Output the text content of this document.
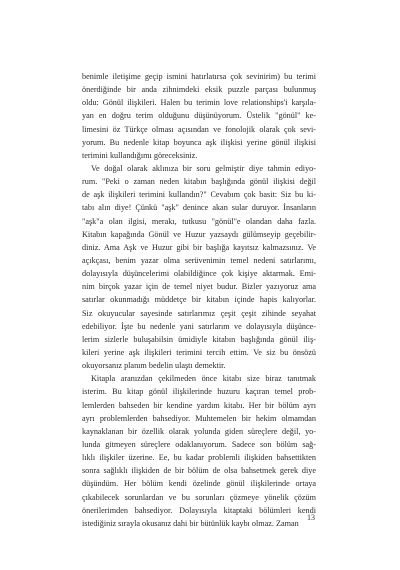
benimle iletişime geçip ismini hatırlatırsa çok sevinirim) bu terimi
önerdiğinde bir anda zihnimdeki eksik puzzle parçası bulunmuş
oldu: Gönül ilişkileri. Halen bu terimin love relationships'i karşıla-
yan en doğru terim olduğunu düşünüyorum. Üstelik "gönül" ke-
limesini öz Türkçe olması açısından ve fonolojik olarak çok sevi-
yorum. Bu nedenle kitap boyunca aşk ilişkisi yerine gönül ilişkisi
terimini kullandığımı göreceksiniz.
Ve doğal olarak aklınıza bir soru gelmiştir diye tahmin ediyo-
rum. "Peki o zaman neden kitabın başlığında gönül ilişkisi değil
de aşk ilişkileri terimini kullandın?" Cevabım çok basit: Siz bu ki-
tabı alın diye! Çünkü "aşk" denince akan sular duruyor. İnsanların
"aşk"a olan ilgisi, merakı, tutkusu "gönül"e olandan daha fazla.
Kitabın kapağında Gönül ve Huzur yazsaydı gülümseyip geçebilir-
diniz. Ama Aşk ve Huzur gibi bir başlığa kayıtsız kalmazsınız. Ve
açıkçası, benim yazar olma serüvenimin temel nedeni satırlarımı,
dolayısıyla düşüncelerimi olabildiğince çok kişiye aktarmak. Emi-
nim birçok yazar için de temel niyet budur. Bizler yazıyoruz ama
satırlar okunmadığı müddetçe bir kitabın içinde hapis kalıyorlar.
Siz okuyucular sayesinde satırlarımız çeşit çeşit zihinde seyahat
edebiliyor. İşte bu nedenle yani satırlarım ve dolayısıyla düşünce-
lerim sizlerle buluşabilsin ümidiyle kitabın başlığında gönül iliş-
kileri yerine aşk ilişkileri terimini tercih ettim. Ve siz bu önsözü
okuyorsanız planım bedelin ulaştı demektir.
Kitapla aranızdan çekilmeden önce kitabı size biraz tanıtmak
isterim. Bu kitap gönül ilişkilerinde huzuru kaçıran temel prob-
lemlerden bahseden bir kendine yardım kitabı. Her bir bölüm ayrı
ayrı problemlerden bahsediyor. Muhtemelen bir hekim olmamdan
kaynaklanan bir özellik olarak yolunda giden süreçlere değil, yo-
lunda gitmeyen süreçlere odaklanıyorum. Sadece son bölüm sağ-
lıklı ilişkiler üzerine. Ee, bu kadar problemli ilişkiden bahsettikten
sonra sağlıklı ilişkiden de bir bölüm de olsa bahsetmek gerek diye
düşündüm. Her bölüm kendi özelinde gönül ilişkilerinde ortaya
çıkabilecek sorunlardan ve bu sorunları çözmeye yönelik çözüm
önerilerimden bahsediyor. Dolayısıyla kitaptaki bölümleri kendi
istediğiniz sırayla okusanız dahi bir bütünlük kaybı olmaz. Zaman
13
